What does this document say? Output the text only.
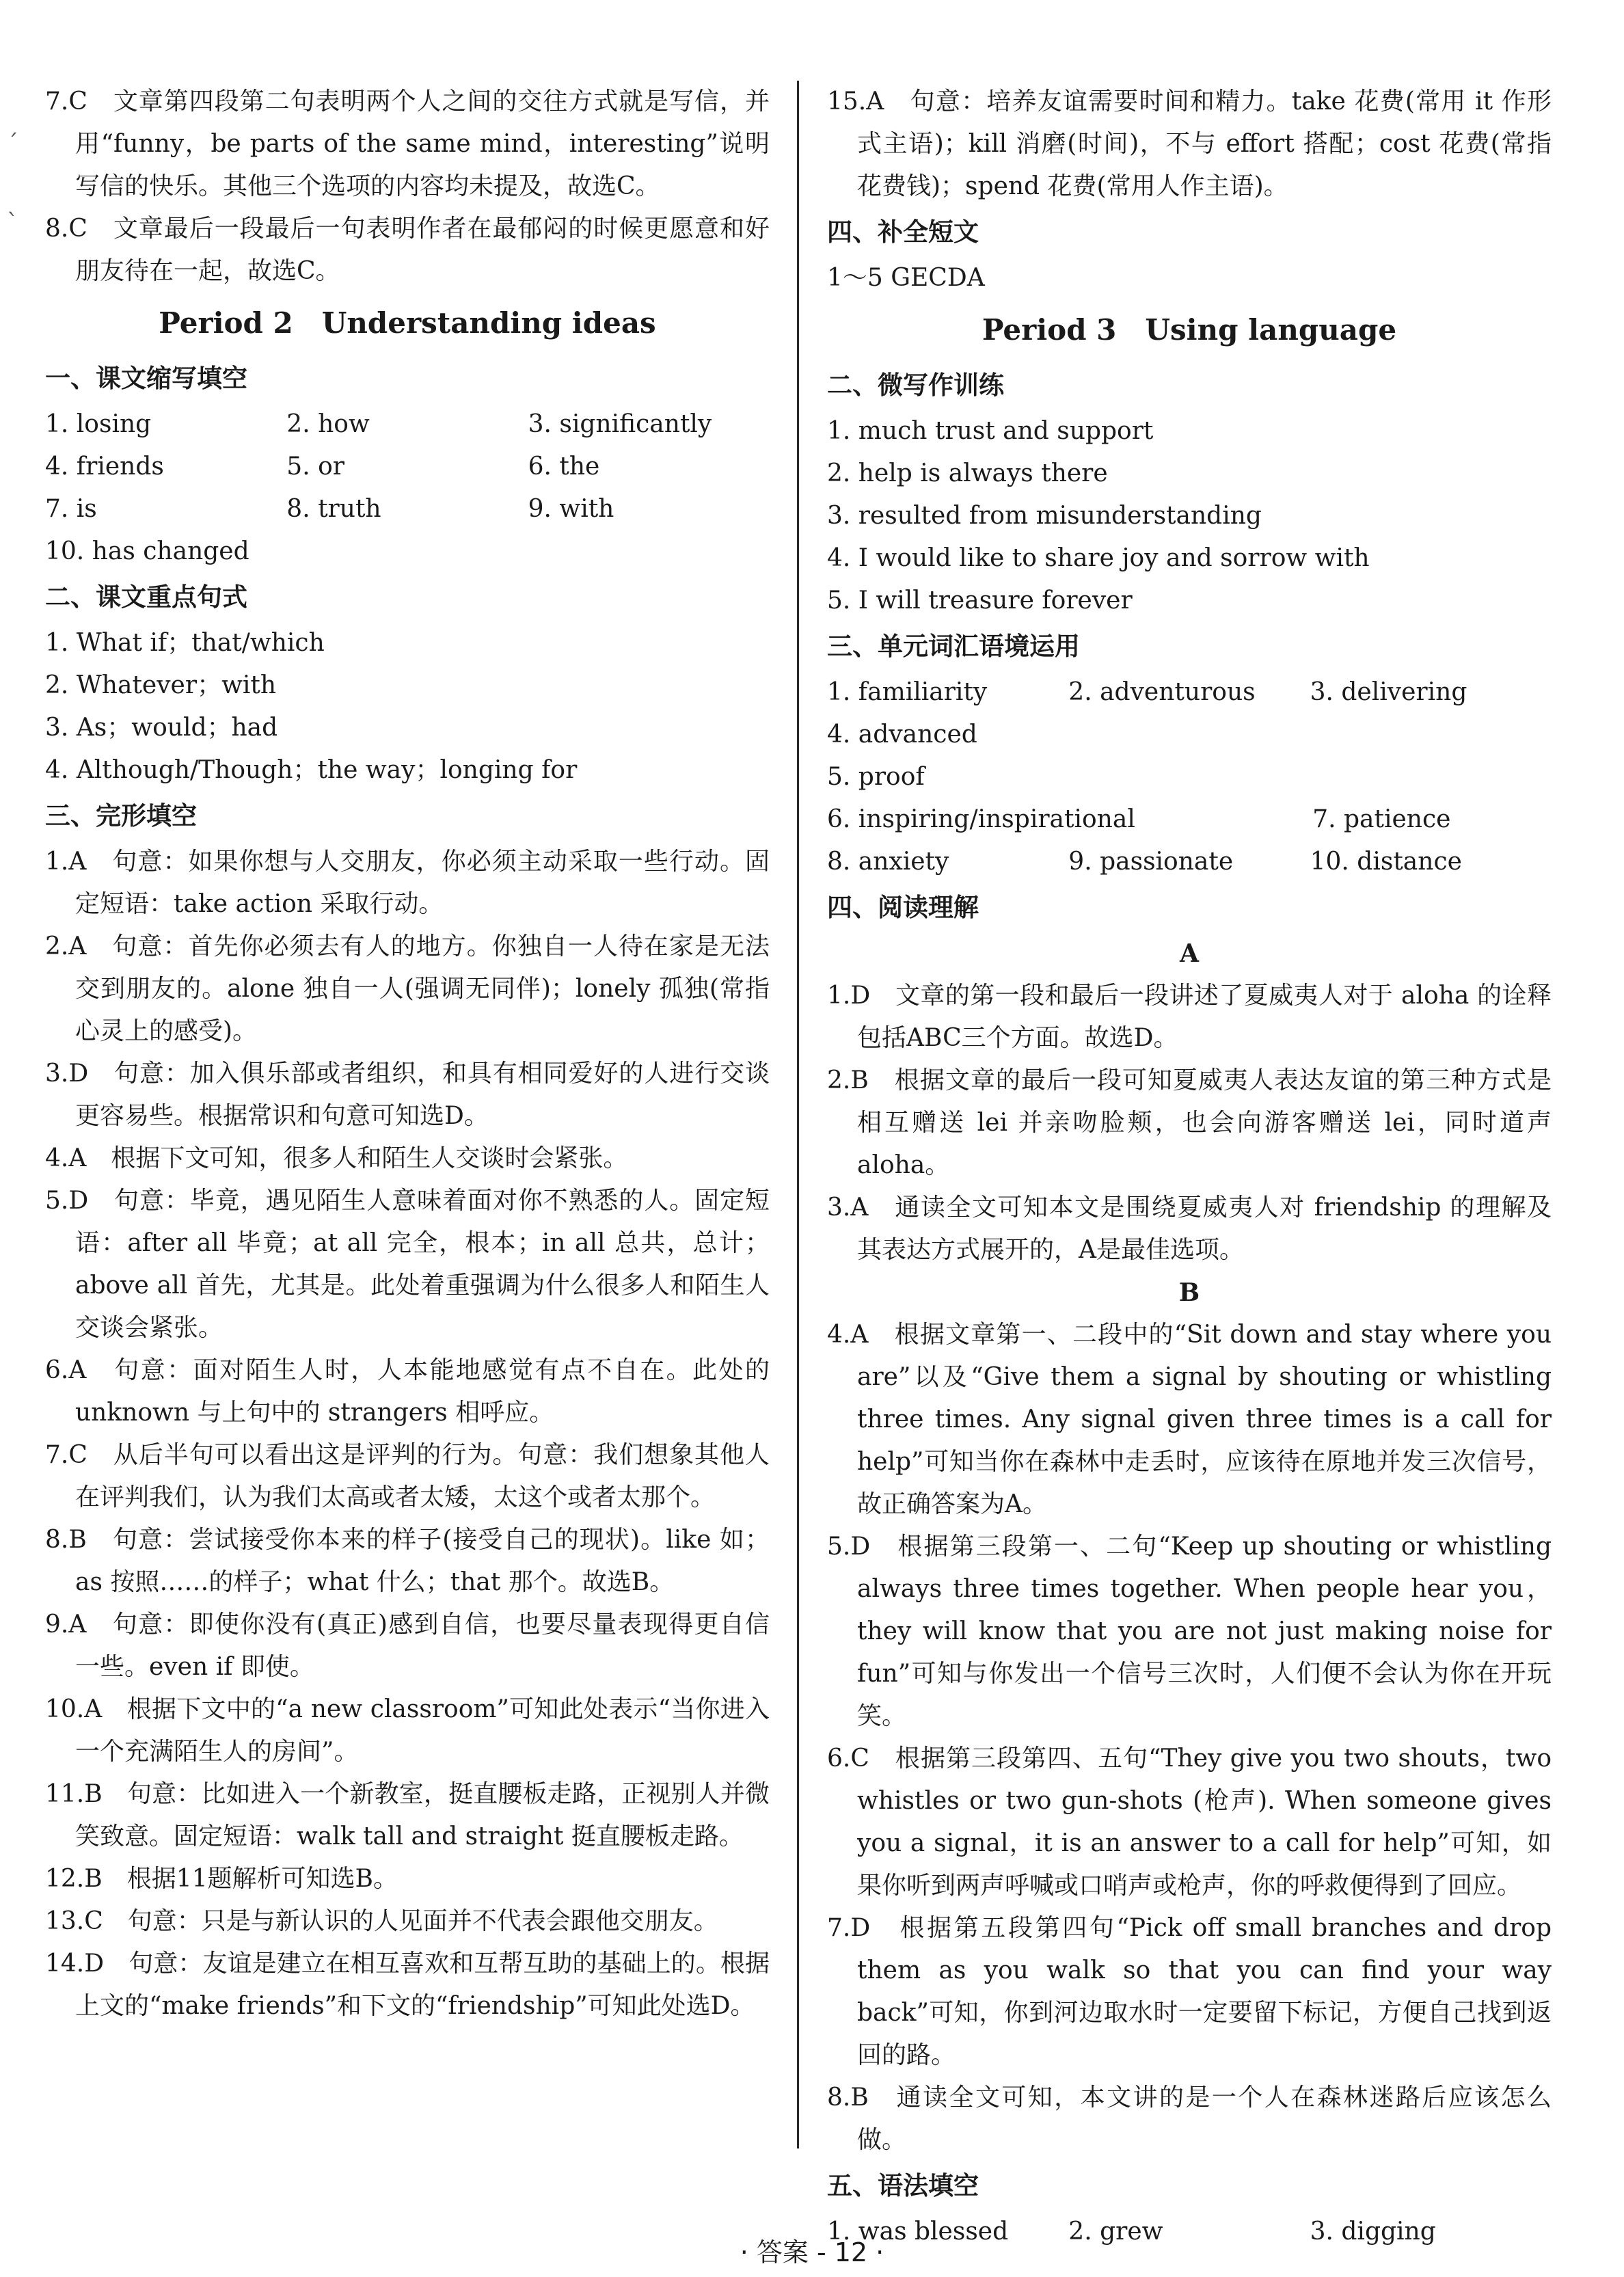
ˊ
ˋ

7.C　文章第四段第二句表明两个人之间的交往方式就是写信，并用“funny，be parts of the same mind，interesting”说明写信的快乐。其他三个选项的内容均未提及，故选C。

8.C　文章最后一段最后一句表明作者在最郁闷的时候更愿意和好朋友待在一起，故选C。

Period 2　Understanding ideas

一、课文缩写填空

1. losing	2. how	3. significantly
4. friends	5. or	6. the
7. is	8. truth	9. with
10. has changed

二、课文重点句式

1. What if；that/which

2. Whatever；with

3. As；would；had

4. Although/Though；the way；longing for

三、完形填空

1.A　句意：如果你想与人交朋友，你必须主动采取一些行动。固定短语：take action 采取行动。

2.A　句意：首先你必须去有人的地方。你独自一人待在家是无法交到朋友的。alone 独自一人(强调无同伴)；lonely 孤独(常指心灵上的感受)。

3.D　句意：加入俱乐部或者组织，和具有相同爱好的人进行交谈更容易些。根据常识和句意可知选D。

4.A　根据下文可知，很多人和陌生人交谈时会紧张。

5.D　句意：毕竟，遇见陌生人意味着面对你不熟悉的人。固定短语：after all 毕竟；at all 完全，根本；in all 总共，总计；above all 首先，尤其是。此处着重强调为什么很多人和陌生人交谈会紧张。

6.A　句意：面对陌生人时，人本能地感觉有点不自在。此处的 unknown 与上句中的 strangers 相呼应。

7.C　从后半句可以看出这是评判的行为。句意：我们想象其他人在评判我们，认为我们太高或者太矮，太这个或者太那个。

8.B　句意：尝试接受你本来的样子(接受自己的现状)。like 如；as 按照……的样子；what 什么；that 那个。故选B。

9.A　句意：即使你没有(真正)感到自信，也要尽量表现得更自信一些。even if 即使。

10.A　根据下文中的“a new classroom”可知此处表示“当你进入一个充满陌生人的房间”。

11.B　句意：比如进入一个新教室，挺直腰板走路，正视别人并微笑致意。固定短语：walk tall and straight 挺直腰板走路。

12.B　根据11题解析可知选B。

13.C　句意：只是与新认识的人见面并不代表会跟他交朋友。

14.D　句意：友谊是建立在相互喜欢和互帮互助的基础上的。根据上文的“make friends”和下文的“friendship”可知此处选D。

15.A　句意：培养友谊需要时间和精力。take 花费(常用 it 作形式主语)；kill 消磨(时间)，不与 effort 搭配；cost 花费(常指花费钱)；spend 花费(常用人作主语)。

四、补全短文

1～5 GECDA

Period 3　Using language

二、微写作训练

1. much trust and support

2. help is always there

3. resulted from misunderstanding

4. I would like to share joy and sorrow with

5. I will treasure forever

三、单元词汇语境运用

1. familiarity	2. adventurous	3. delivering
4. advanced
5. proof
6. inspiring/inspirational	7. patience
8. anxiety	9. passionate	10. distance

四、阅读理解

A

1.D　文章的第一段和最后一段讲述了夏威夷人对于 aloha 的诠释包括ABC三个方面。故选D。

2.B　根据文章的最后一段可知夏威夷人表达友谊的第三种方式是相互赠送 lei 并亲吻脸颊，也会向游客赠送 lei，同时道声 aloha。

3.A　通读全文可知本文是围绕夏威夷人对 friendship 的理解及其表达方式展开的，A是最佳选项。

B

4.A　根据文章第一、二段中的“Sit down and stay where you are”以及“Give them a signal by shouting or whistling three times. Any signal given three times is a call for help”可知当你在森林中走丢时，应该待在原地并发三次信号，故正确答案为A。

5.D　根据第三段第一、二句“Keep up shouting or whistling always three times together. When people hear you，they will know that you are not just making noise for fun”可知与你发出一个信号三次时，人们便不会认为你在开玩笑。

6.C　根据第三段第四、五句“They give you two shouts，two whistles or two gun-shots (枪声). When someone gives you a signal，it is an answer to a call for help”可知，如果你听到两声呼喊或口哨声或枪声，你的呼救便得到了回应。

7.D　根据第五段第四句“Pick off small branches and drop them as you walk so that you can find your way back”可知，你到河边取水时一定要留下标记，方便自己找到返回的路。

8.B　通读全文可知，本文讲的是一个人在森林迷路后应该怎么做。

五、语法填空

1. was blessed	2. grew	3. digging
· 答案 - 12 ·
